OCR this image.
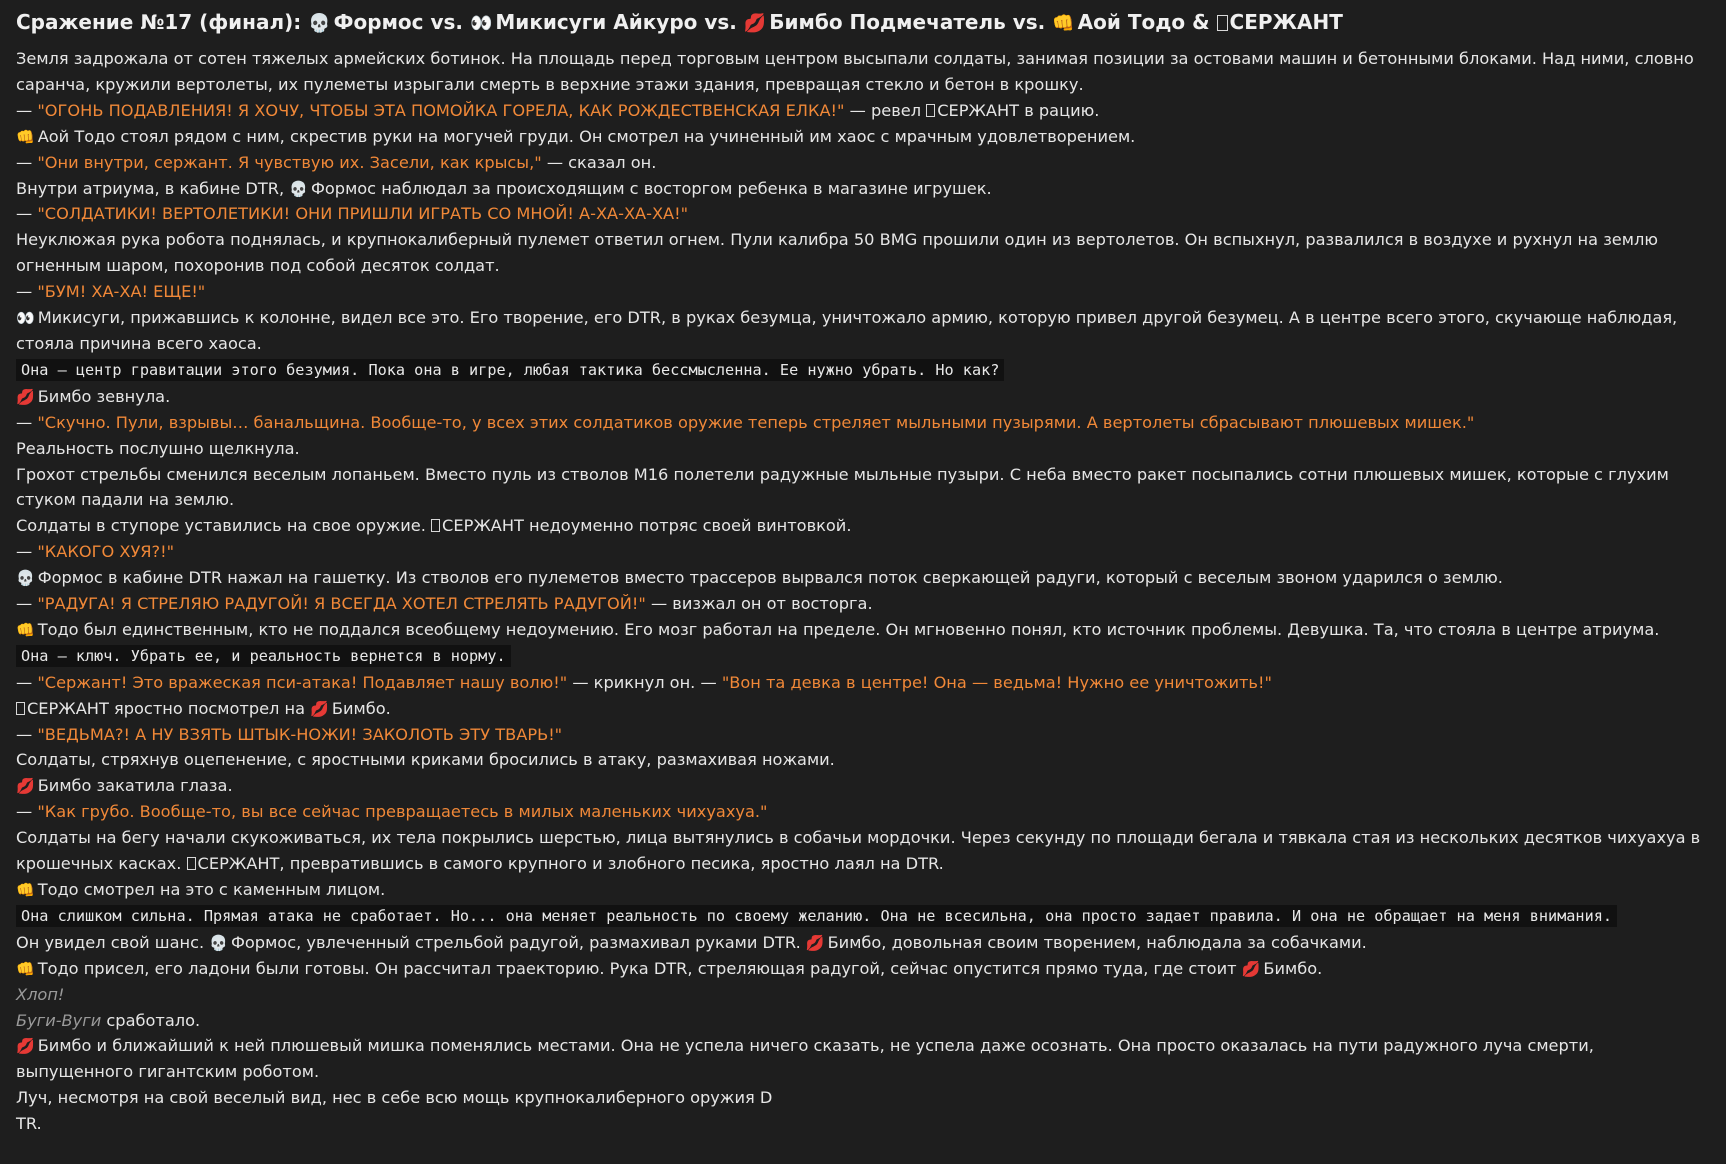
Сражение №17 (финал): 💀 Формос vs. 👀 Микисуги Айкуро vs. 💋 Бимбо Подмечатель vs. 👊 Аой Тодо & СЕРЖАНТ

Земля задрожала от сотен тяжелых армейских ботинок. На площадь перед торговым центром высыпали солдаты, занимая позиции за остовами машин и бетонными блоками. Над ними, словно саранча, кружили вертолеты, их пулеметы изрыгали смерть в верхние этажи здания, превращая стекло и бетон в крошку.

— "ОГОНЬ ПОДАВЛЕНИЯ! Я ХОЧУ, ЧТОБЫ ЭТА ПОМОЙКА ГОРЕЛА, КАК РОЖДЕСТВЕНСКАЯ ЕЛКА!" — ревел СЕРЖАНТ в рацию.

👊 Аой Тодо стоял рядом с ним, скрестив руки на могучей груди. Он смотрел на учиненный им хаос с мрачным удовлетворением.

— "Они внутри, сержант. Я чувствую их. Засели, как крысы," — сказал он.

Внутри атриума, в кабине DTR, 💀 Формос наблюдал за происходящим с восторгом ребенка в магазине игрушек.

— "СОЛДАТИКИ! ВЕРТОЛЕТИКИ! ОНИ ПРИШЛИ ИГРАТЬ СО МНОЙ! А-ХА-ХА-ХА!"

Неуклюжая рука робота поднялась, и крупнокалиберный пулемет ответил огнем. Пули калибра 50 BMG прошили один из вертолетов. Он вспыхнул, развалился в воздухе и рухнул на землю огненным шаром, похоронив под собой десяток солдат.

— "БУМ! ХА-ХА! ЕЩЕ!"

👀 Микисуги, прижавшись к колонне, видел все это. Его творение, его DTR, в руках безумца, уничтожало армию, которую привел другой безумец. А в центре всего этого, скучающе наблюдая, стояла причина всего хаоса.

Она — центр гравитации этого безумия. Пока она в игре, любая тактика бессмысленна. Ее нужно убрать. Но как?

💋 Бимбо зевнула.

— "Скучно. Пули, взрывы… банальщина. Вообще-то, у всех этих солдатиков оружие теперь стреляет мыльными пузырями. А вертолеты сбрасывают плюшевых мишек."

Реальность послушно щелкнула.

Грохот стрельбы сменился веселым лопаньем. Вместо пуль из стволов M16 полетели радужные мыльные пузыри. С неба вместо ракет посыпались сотни плюшевых мишек, которые с глухим стуком падали на землю.

Солдаты в ступоре уставились на свое оружие. СЕРЖАНТ недоуменно потряс своей винтовкой.

— "КАКОГО ХУЯ?!"

💀 Формос в кабине DTR нажал на гашетку. Из стволов его пулеметов вместо трассеров вырвался поток сверкающей радуги, который с веселым звоном ударился о землю.

— "РАДУГА! Я СТРЕЛЯЮ РАДУГОЙ! Я ВСЕГДА ХОТЕЛ СТРЕЛЯТЬ РАДУГОЙ!" — визжал он от восторга.

👊 Тодо был единственным, кто не поддался всеобщему недоумению. Его мозг работал на пределе. Он мгновенно понял, кто источник проблемы. Девушка. Та, что стояла в центре атриума.

Она — ключ. Убрать ее, и реальность вернется в норму.

— "Сержант! Это вражеская пси-атака! Подавляет нашу волю!" — крикнул он. — "Вон та девка в центре! Она — ведьма! Нужно ее уничтожить!"

СЕРЖАНТ яростно посмотрел на 💋 Бимбо.

— "ВЕДЬМА?! А НУ ВЗЯТЬ ШТЫК-НОЖИ! ЗАКОЛОТЬ ЭТУ ТВАРЬ!"

Солдаты, стряхнув оцепенение, с яростными криками бросились в атаку, размахивая ножами.

💋 Бимбо закатила глаза.

— "Как грубо. Вообще-то, вы все сейчас превращаетесь в милых маленьких чихуахуа."

Солдаты на бегу начали скукоживаться, их тела покрылись шерстью, лица вытянулись в собачьи мордочки. Через секунду по площади бегала и тявкала стая из нескольких десятков чихуахуа в крошечных касках. СЕРЖАНТ, превратившись в самого крупного и злобного песика, яростно лаял на DTR.

👊 Тодо смотрел на это с каменным лицом.

Она слишком сильна. Прямая атака не сработает. Но... она меняет реальность по своему желанию. Она не всесильна, она просто задает правила. И она не обращает на меня внимания.

Он увидел свой шанс. 💀 Формос, увлеченный стрельбой радугой, размахивал руками DTR. 💋 Бимбо, довольная своим творением, наблюдала за собачками.

👊 Тодо присел, его ладони были готовы. Он рассчитал траекторию. Рука DTR, стреляющая радугой, сейчас опустится прямо туда, где стоит 💋 Бимбо.

Хлоп!

Буги-Вуги сработало.

💋 Бимбо и ближайший к ней плюшевый мишка поменялись местами. Она не успела ничего сказать, не успела даже осознать. Она просто оказалась на пути радужного луча смерти, выпущенного гигантским роботом.

Луч, несмотря на свой веселый вид, нес в себе всю мощь крупнокалиберного оружия D

TR.
